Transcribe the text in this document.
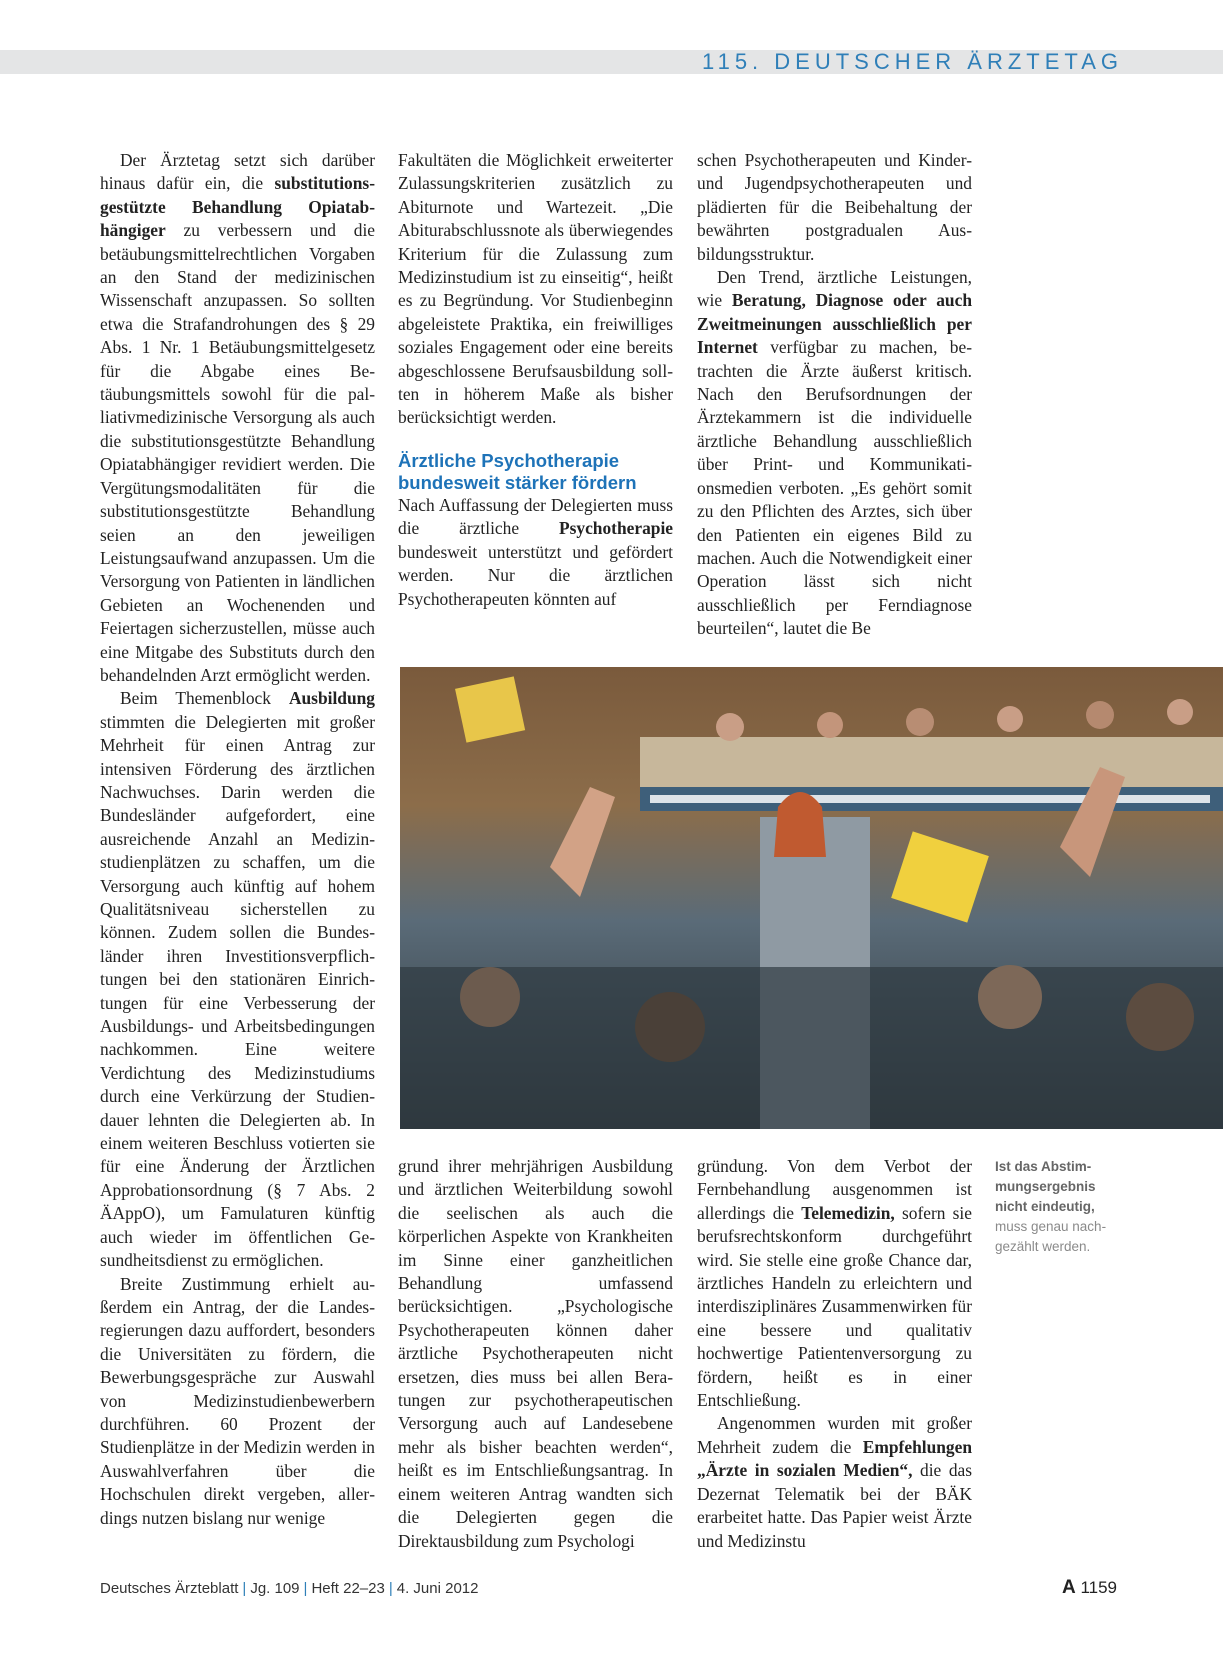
115. DEUTSCHER ÄRZTETAG

Der Ärztetag setzt sich darüber hinaus dafür ein, die substitutionsgestützte Behandlung Opiatabhängiger zu verbessern und die betäubungsmittelrechtlichen Vorgaben an den Stand der medizinischen Wissenschaft anzupassen. So sollten etwa die Strafandrohungen des § 29 Abs. 1 Nr. 1 Betäubungsmittelgesetz für die Abgabe eines Betäubungsmittels sowohl für die palliativmedizinische Versorgung als auch die substitutionsgestützte Behandlung Opiatabhängiger revidiert werden. Die Vergütungsmodalitäten für die substitutionsgestützte Behandlung seien an den jeweiligen Leistungsaufwand anzupassen. Um die Versorgung von Patienten in ländlichen Gebieten an Wochenenden und Feiertagen sicherzustellen, müsse auch eine Mitgabe des Substituts durch den behandelnden Arzt ermöglicht werden.

Beim Themenblock Ausbildung stimmten die Delegierten mit großer Mehrheit für einen Antrag zur intensiven Förderung des ärztlichen Nachwuchses. Darin werden die Bundesländer aufgefordert, eine ausreichende Anzahl an Medizinstudienplätzen zu schaffen, um die Versorgung auch künftig auf hohem Qualitätsniveau sicherstellen zu können. Zudem sollen die Bundesländer ihren Investitionsverpflichtungen bei den stationären Einrichtungen für eine Verbesserung der Ausbildungs- und Arbeitsbedingungen nachkommen. Eine weitere Verdichtung des Medizinstudiums durch eine Verkürzung der Studiendauer lehnten die Delegierten ab. In einem weiteren Beschluss votierten sie für eine Änderung der Ärztlichen Approbationsordnung (§ 7 Abs. 2 ÄAppO), um Famulaturen künftig auch wieder im öffentlichen Gesundheitsdienst zu ermöglichen.

Breite Zustimmung erhielt außerdem ein Antrag, der die Landesregierungen dazu auffordert, besonders die Universitäten zu fördern, die Bewerbungsgespräche zur Auswahl von Medizinstudienbewerbern durchführen. 60 Prozent der Studienplätze in der Medizin werden in Auswahlverfahren über die Hochschulen direkt vergeben, allerdings nutzen bislang nur wenige

Fakultäten die Möglichkeit erweiterter Zulassungskriterien zusätzlich zu Abiturnote und Wartezeit. „Die Abiturabschlussnote als überwiegendes Kriterium für die Zulassung zum Medizinstudium ist zu einseitig“, heißt es zu Begründung. Vor Studienbeginn abgeleistete Praktika, ein freiwilliges soziales Engagement oder eine bereits abgeschlossene Berufsausbildung sollten in höherem Maße als bisher berücksichtigt werden.

Ärztliche Psychotherapie bundesweit stärker fördern

Nach Auffassung der Delegierten muss die ärztliche Psychotherapie bundesweit unterstützt und gefördert werden. Nur die ärztlichen Psychotherapeuten könnten auf

schen Psychotherapeuten und Kinder- und Jugendpsychotherapeuten und plädierten für die Beibehaltung der bewährten postgradualen Ausbildungsstruktur.

Den Trend, ärztliche Leistungen, wie Beratung, Diagnose oder auch Zweitmeinungen ausschließlich per Internet verfügbar zu machen, betrachten die Ärzte äußerst kritisch. Nach den Berufsordnungen der Ärztekammern ist die individuelle ärztliche Behandlung ausschließlich über Print- und Kommunikationsmedien verboten. „Es gehört somit zu den Pflichten des Arztes, sich über den Patienten ein eigenes Bild zu machen. Auch die Notwendigkeit einer Operation lässt sich nicht ausschließlich per Ferndiagnose beurteilen“, lautet die Be

Ist das Abstimmungsergebnis nicht eindeutig, muss genau nachgezählt werden.

grund ihrer mehrjährigen Ausbildung und ärztlichen Weiterbildung sowohl die seelischen als auch die körperlichen Aspekte von Krankheiten im Sinne einer ganzheitlichen Behandlung umfassend berücksichtigen. „Psychologische Psychotherapeuten können daher ärztliche Psychotherapeuten nicht ersetzen, dies muss bei allen Beratungen zur psychotherapeutischen Versorgung auch auf Landesebene mehr als bisher beachten werden“, heißt es im Entschließungsantrag. In einem weiteren Antrag wandten sich die Delegierten gegen die Direktausbildung zum Psychologi

gründung. Von dem Verbot der Fernbehandlung ausgenommen ist allerdings die Telemedizin, sofern sie berufsrechtskonform durchgeführt wird. Sie stelle eine große Chance dar, ärztliches Handeln zu erleichtern und interdisziplinäres Zusammenwirken für eine bessere und qualitativ hochwertige Patientenversorgung zu fördern, heißt es in einer Entschließung.

Angenommen wurden mit großer Mehrheit zudem die Empfehlungen „Ärzte in sozialen Medien“, die das Dezernat Telematik bei der BÄK erarbeitet hatte. Das Papier weist Ärzte und Medizinstu

Deutsches Ärzteblatt | Jg. 109 | Heft 22–23 | 4. Juni 2012	A 1159
